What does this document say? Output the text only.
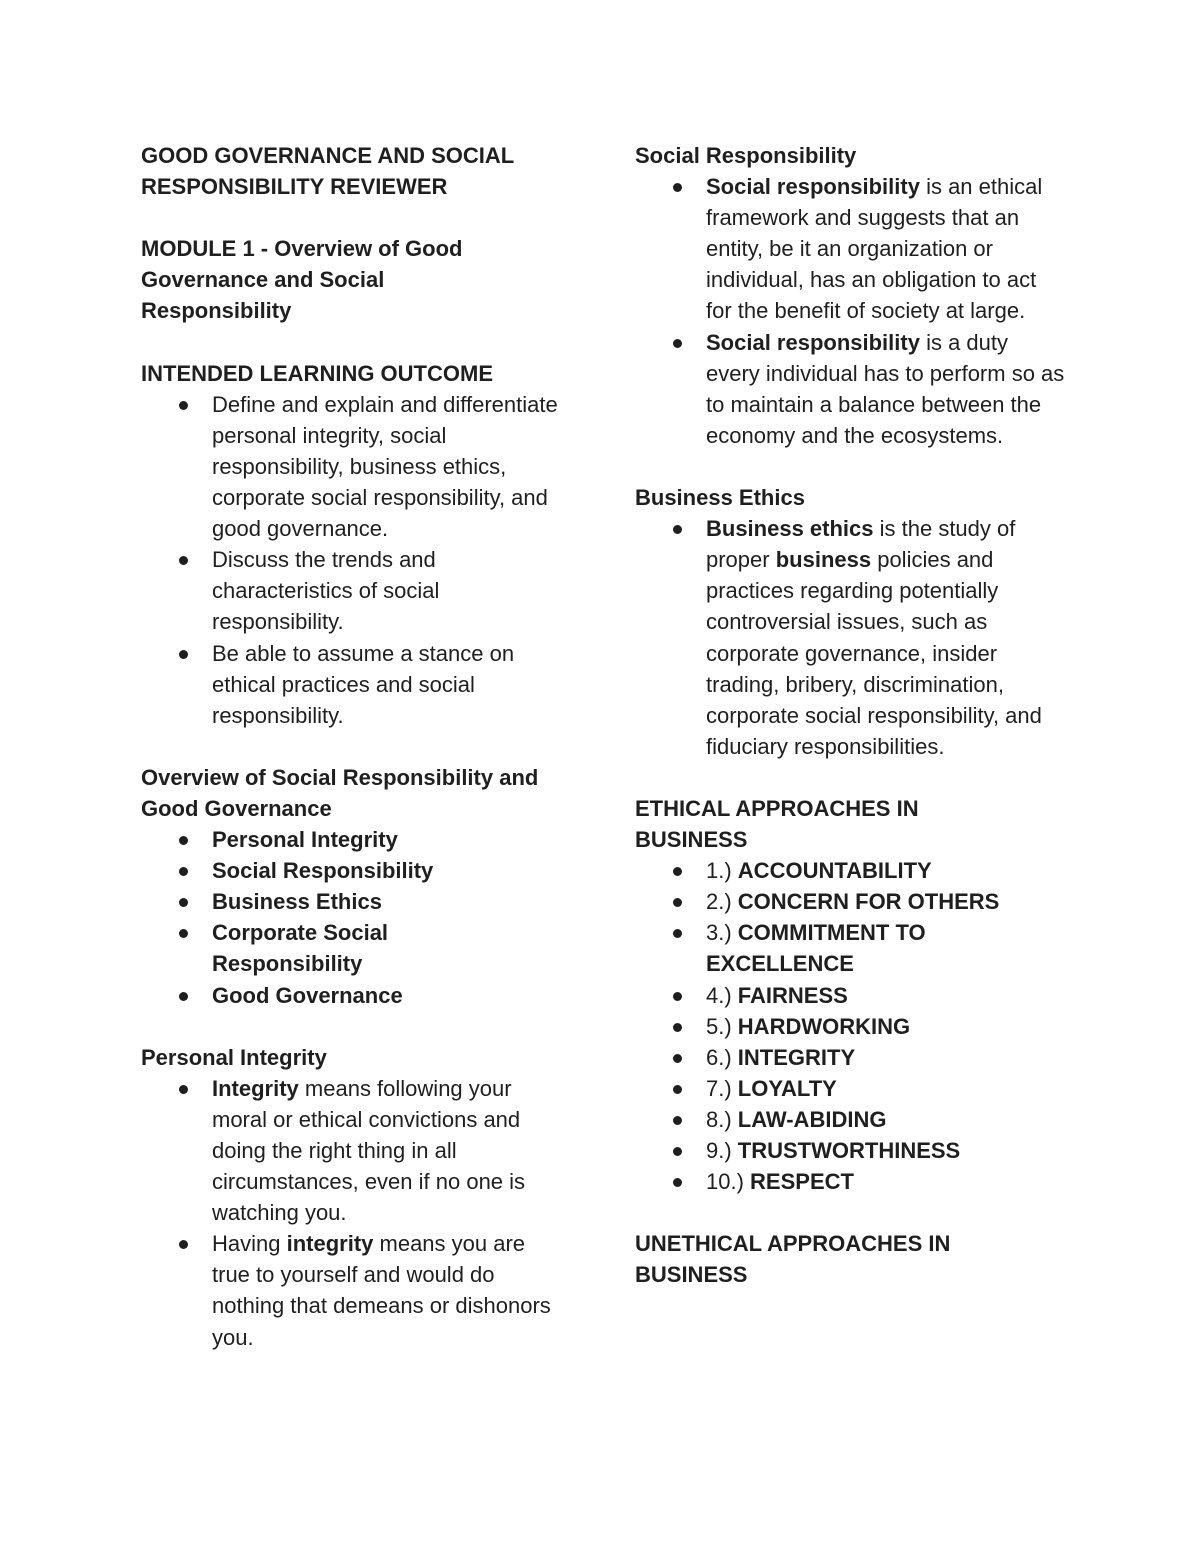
GOOD GOVERNANCE AND SOCIAL
RESPONSIBILITY REVIEWER

MODULE 1 - Overview of Good Governance and Social Responsibility

INTENDED LEARNING OUTCOME

Define and explain and differentiate personal integrity, social responsibility, business ethics, corporate social responsibility, and good governance.
Discuss the trends and characteristics of social responsibility.
Be able to assume a stance on ethical practices and social responsibility.

Overview of Social Responsibility and Good Governance

Personal Integrity
Social Responsibility
Business Ethics
Corporate Social Responsibility
Good Governance

Personal Integrity

Integrity means following your moral or ethical convictions and doing the right thing in all circumstances, even if no one is watching you.
Having integrity means you are true to yourself and would do nothing that demeans or dishonors you.

Social Responsibility

Social responsibility is an ethical framework and suggests that an entity, be it an organization or individual, has an obligation to act for the benefit of society at large.
Social responsibility is a duty every individual has to perform so as to maintain a balance between the economy and the ecosystems.

Business Ethics

Business ethics is the study of proper business policies and practices regarding potentially controversial issues, such as corporate governance, insider trading, bribery, discrimination, corporate social responsibility, and fiduciary responsibilities.

ETHICAL APPROACHES IN BUSINESS

1.) ACCOUNTABILITY
2.) CONCERN FOR OTHERS
3.) COMMITMENT TO EXCELLENCE
4.) FAIRNESS
5.) HARDWORKING
6.) INTEGRITY
7.) LOYALTY
8.) LAW-ABIDING
9.) TRUSTWORTHINESS
10.) RESPECT

UNETHICAL APPROACHES IN BUSINESS
